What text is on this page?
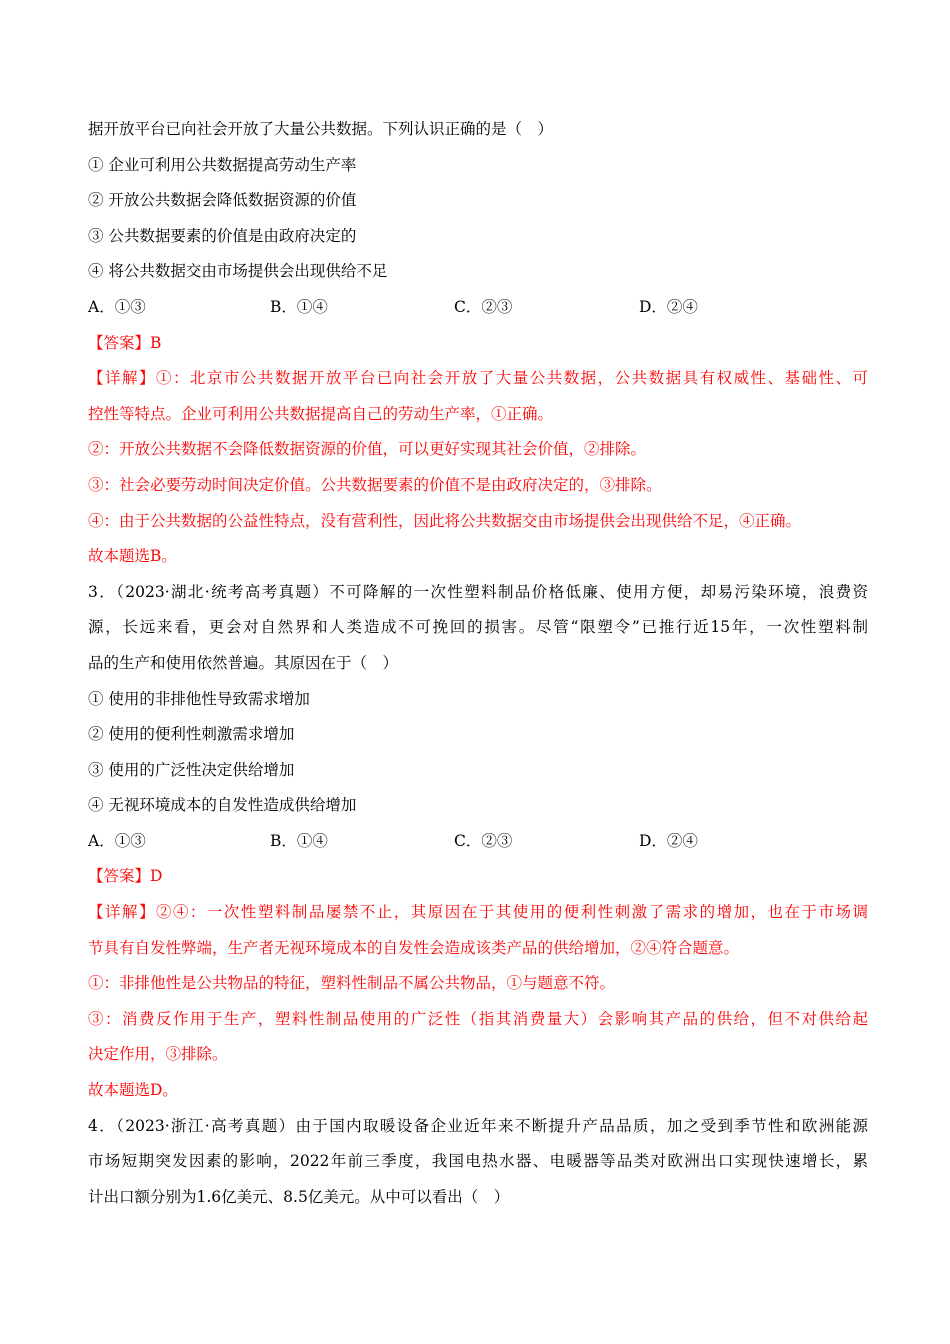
据开放平台已向社会开放了大量公共数据。下列认识正确的是（　）
① 企业可利用公共数据提高劳动生产率
② 开放公共数据会降低数据资源的价值
③ 公共数据要素的价值是由政府决定的
④ 将公共数据交由市场提供会出现供给不足
A．①③	B．①④	C．②③	D．②④
【答案】B
【详解】①：北京市公共数据开放平台已向社会开放了大量公共数据，公共数据具有权威性、基础性、可
控性等特点。企业可利用公共数据提高自己的劳动生产率，①正确。
②：开放公共数据不会降低数据资源的价值，可以更好实现其社会价值，②排除。
③：社会必要劳动时间决定价值。公共数据要素的价值不是由政府决定的，③排除。
④：由于公共数据的公益性特点，没有营利性，因此将公共数据交由市场提供会出现供给不足，④正确。
故本题选B。
3．（2023·湖北·统考高考真题）不可降解的一次性塑料制品价格低廉、使用方便，却易污染环境，浪费资
源，长远来看，更会对自然界和人类造成不可挽回的损害。尽管“限塑令”已推行近15年，一次性塑料制
品的生产和使用依然普遍。其原因在于（　）
① 使用的非排他性导致需求增加
② 使用的便利性刺激需求增加
③ 使用的广泛性决定供给增加
④ 无视环境成本的自发性造成供给增加
A．①③	B．①④	C．②③	D．②④
【答案】D
【详解】②④：一次性塑料制品屡禁不止，其原因在于其使用的便利性刺激了需求的增加，也在于市场调
节具有自发性弊端，生产者无视环境成本的自发性会造成该类产品的供给增加，②④符合题意。
①：非排他性是公共物品的特征，塑料性制品不属公共物品，①与题意不符。
③：消费反作用于生产，塑料性制品使用的广泛性（指其消费量大）会影响其产品的供给，但不对供给起
决定作用，③排除。
故本题选D。
4．（2023·浙江·高考真题）由于国内取暖设备企业近年来不断提升产品品质，加之受到季节性和欧洲能源
市场短期突发因素的影响，2022年前三季度，我国电热水器、电暖器等品类对欧洲出口实现快速增长，累
计出口额分别为1.6亿美元、8.5亿美元。从中可以看出（　）
